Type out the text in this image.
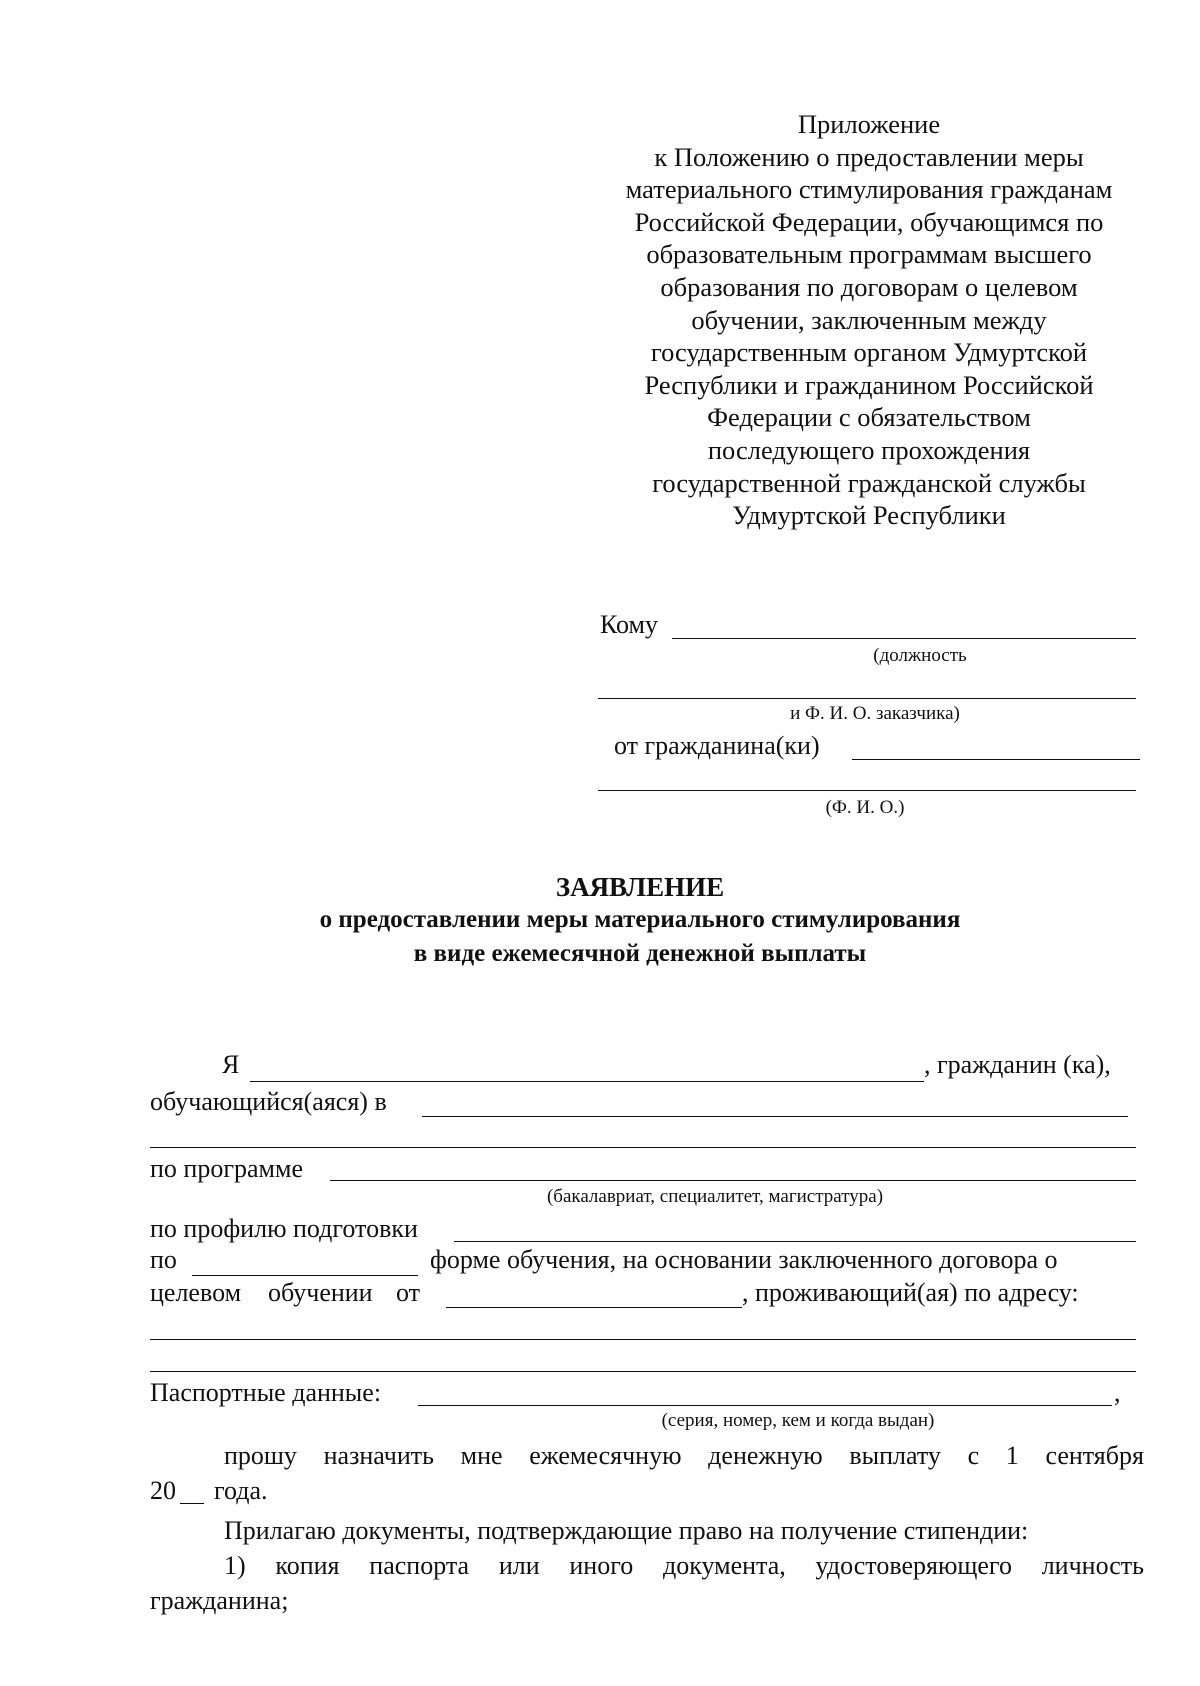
Приложение
к Положению о предоставлении меры
материального стимулирования гражданам
Российской Федерации, обучающимся по
образовательным программам высшего
образования по договорам о целевом
обучении, заключенным между
государственным органом Удмуртской
Республики и гражданином Российской
Федерации с обязательством
последующего прохождения
государственной гражданской службы
Удмуртской Республики
Кому
(должность
и Ф. И. О. заказчика)
от гражданина(ки)
(Ф. И. О.)
ЗАЯВЛЕНИЕ
о предоставлении меры материального стимулирования
в виде ежемесячной денежной выплаты
Я	, гражданин (ка),
обучающийся(аяся) в
по программе
(бакалавриат, специалитет, магистратура)
по профилю подготовки
по	форме обучения, на основании заключенного договора о
целевом обучении от	, проживающий(ая) по адресу:
Паспортные данные:	,
(серия, номер, кем и когда выдан)
прошу назначить мне ежемесячную денежную выплату с 1 сентября
20 года.
Прилагаю документы, подтверждающие право на получение стипендии:
1) копия паспорта или иного документа, удостоверяющего личность
гражданина;
